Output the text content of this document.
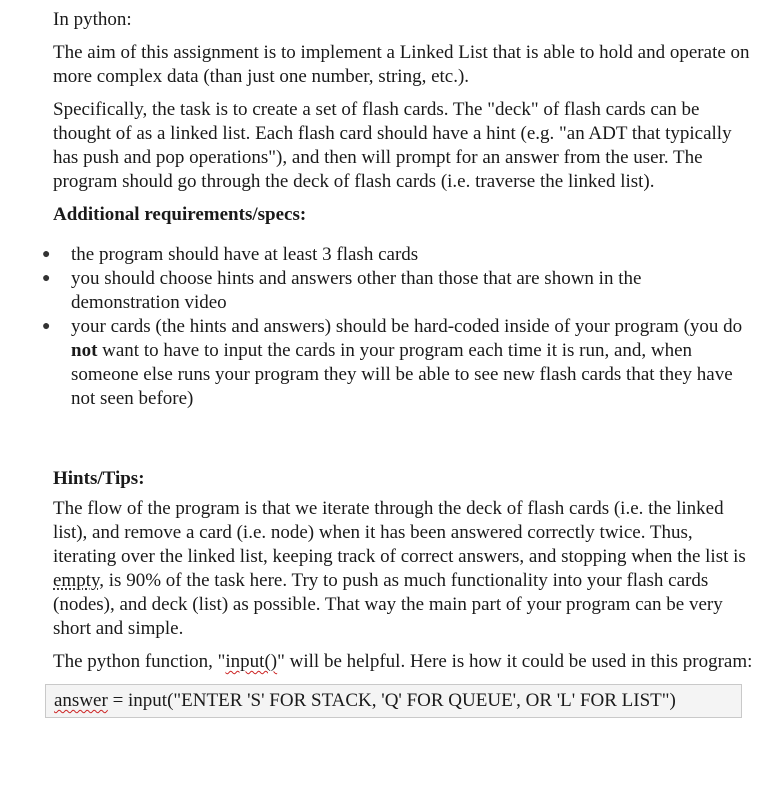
In python:

The aim of this assignment is to implement a Linked List that is able to hold and operate on more complex data (than just one number, string, etc.).

Specifically, the task is to create a set of flash cards. The "deck" of flash cards can be thought of as a linked list. Each flash card should have a hint (e.g. "an ADT that typically has push and pop operations"), and then will prompt for an answer from the user. The program should go through the deck of flash cards (i.e. traverse the linked list).

Additional requirements/specs:

● the program should have at least 3 flash cards
● you should choose hints and answers other than those that are shown in the demonstration video
● your cards (the hints and answers) should be hard-coded inside of your program (you do not want to have to input the cards in your program each time it is run, and, when someone else runs your program they will be able to see new flash cards that they have not seen before)

Hints/Tips:

The flow of the program is that we iterate through the deck of flash cards (i.e. the linked list), and remove a card (i.e. node) when it has been answered correctly twice. Thus, iterating over the linked list, keeping track of correct answers, and stopping when the list is empty, is 90% of the task here. Try to push as much functionality into your flash cards (nodes), and deck (list) as possible. That way the main part of your program can be very short and simple.

The python function, "input()" will be helpful. Here is how it could be used in this program:

answer = input("ENTER 'S' FOR STACK, 'Q' FOR QUEUE', OR 'L' FOR LIST")
